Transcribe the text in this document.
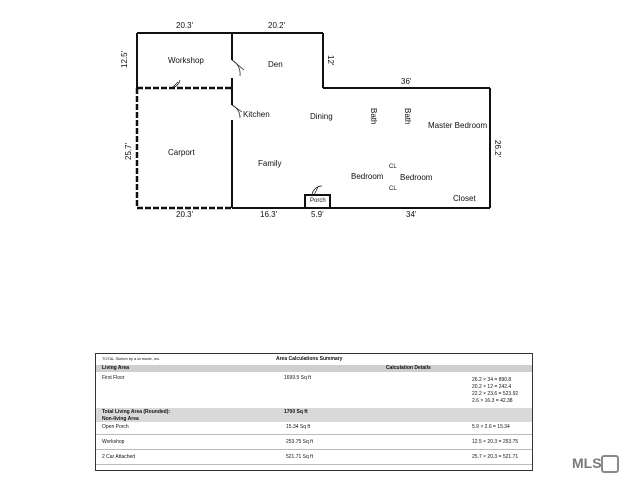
Workshop	Den
Carport
Kitchen	Dining
Family
Bath	Bath
Master Bedroom
Bedroom Bedroom
Closet
Porch
CL
CL
20.3'	20.2'
12.5'	12'
36'
25.7'	26.2'
20.3'	16.3'	5.9'	34'
TOTAL Sketch by a la mode, inc.	Area Calculations Summary
Living Area	Calculation Details
First Floor	1699.5 Sq ft	26.2 × 34 = 890.8
20.2 × 12 = 242.4
22.2 × 23.6 = 523.92
2.6 × 16.3 = 42.38
Total Living Area (Rounded):	1700 Sq ft
Non-living Area
Open Porch	15.34 Sq ft	5.9 × 2.6 = 15.34
Workshop	253.75 Sq ft	12.5 × 20.3 = 253.75
2 Car Attached	521.71 Sq ft	25.7 × 20.3 = 521.71	MLS
